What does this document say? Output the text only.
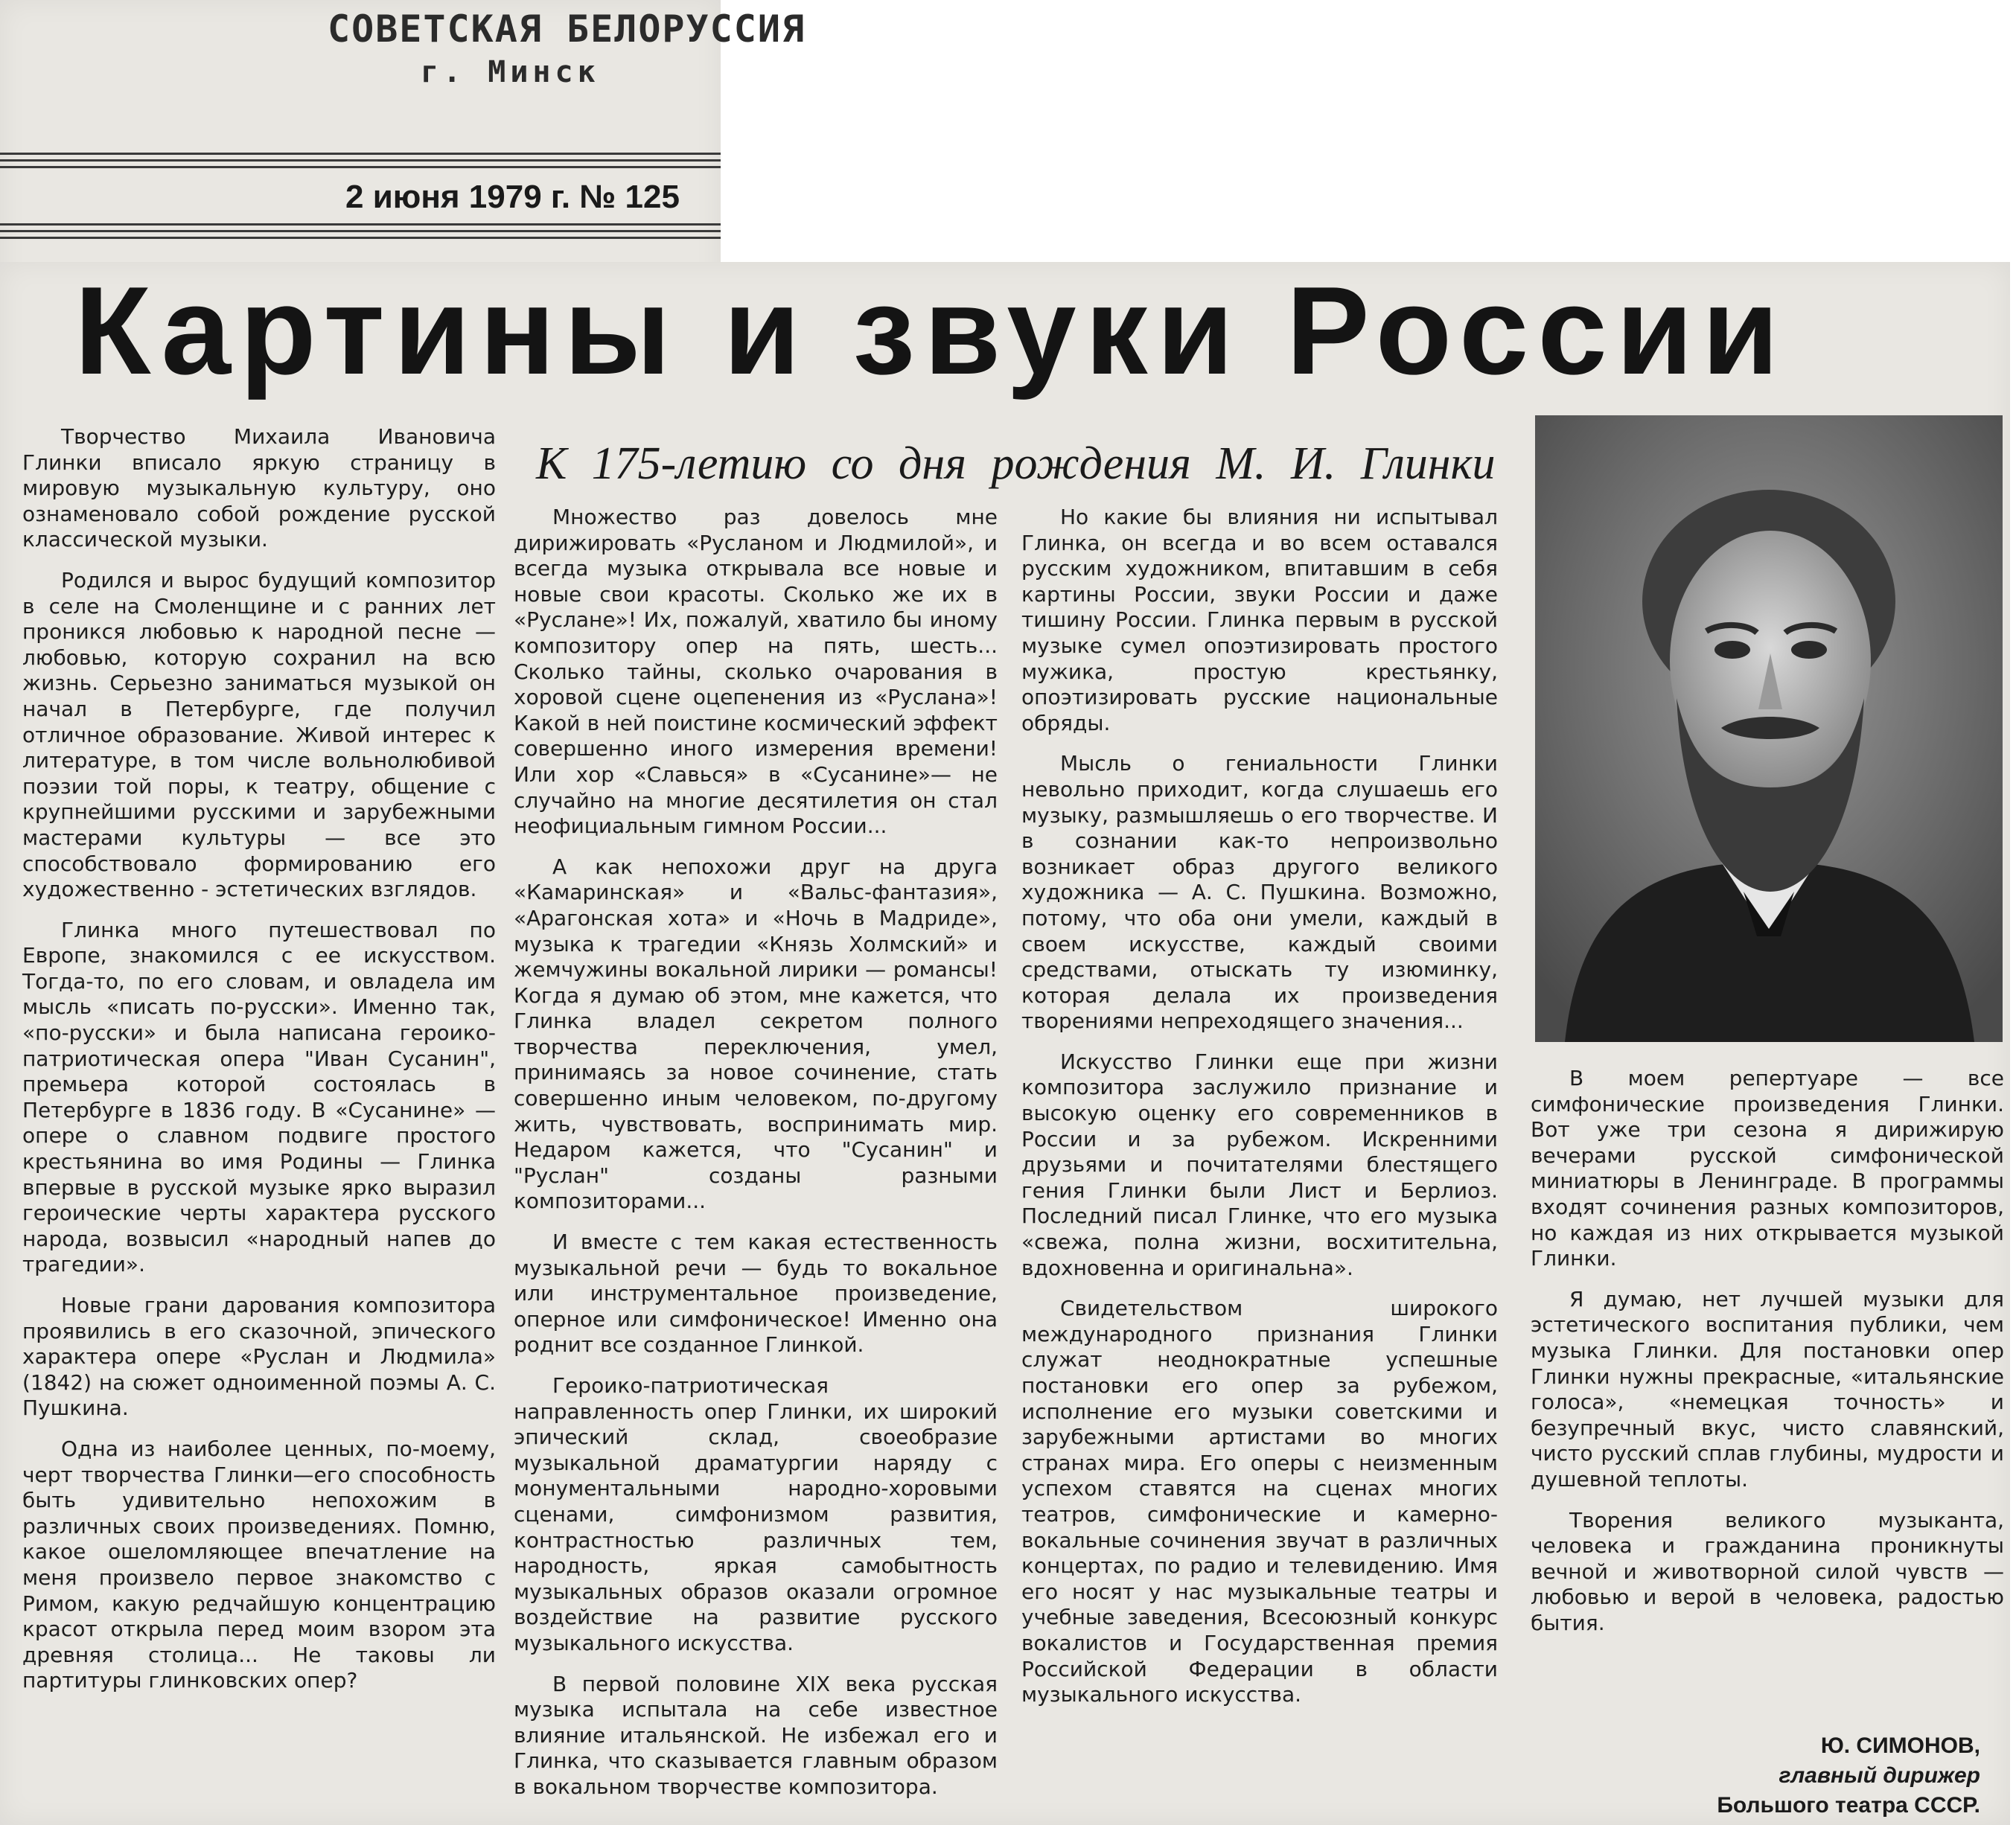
СОВЕТСКАЯ БЕЛОРУССИЯ
г. Минск
2 июня 1979 г. № 125
Картины и звуки России
К 175-летию со дня рождения М. И. Глинки

Творчество Михаила Ивановича Глинки вписало яркую страницу в мировую музыкальную культуру, оно ознаменовало собой рождение русской классической музыки.

Родился и вырос будущий композитор в селе на Смоленщине и с ранних лет проникся любовью к народной песне — любовью, которую сохранил на всю жизнь. Серьезно заниматься музыкой он начал в Петербурге, где получил отличное образование. Живой интерес к литературе, в том числе вольнолюбивой поэзии той поры, к театру, общение с крупнейшими русскими и зарубежными мастерами культуры — все это способствовало формированию его художественно - эстетических взглядов.

Глинка много путешествовал по Европе, знакомился с ее искусством. Тогда-то, по его словам, и овладела им мысль «писать по-русски». Именно так, «по-русски» и была написана героико-патриотическая опера "Иван Сусанин", премьера которой состоялась в Петербурге в 1836 году. В «Сусанине» — опере о славном подвиге простого крестьянина во имя Родины — Глинка впервые в русской музыке ярко выразил героические черты характера русского народа, возвысил «народный напев до трагедии».

Новые грани дарования композитора проявились в его сказочной, эпического характера опере «Руслан и Людмила» (1842) на сюжет одноименной поэмы А. С. Пушкина.

Одна из наиболее ценных, по-моему, черт творчества Глинки—его способность быть удивительно непохожим в различных своих произведениях. Помню, какое ошеломляющее впечатление на меня произвело первое знакомство с Римом, какую редчайшую концентрацию красот открыла перед моим взором эта древняя столица... Не таковы ли партитуры глинковских опер?

Множество раз довелось мне дирижировать «Русланом и Людмилой», и всегда музыка открывала все новые и новые свои красоты. Сколько же их в «Руслане»! Их, пожалуй, хватило бы иному композитору опер на пять, шесть... Сколько тайны, сколько очарования в хоровой сцене оцепенения из «Руслана»! Какой в ней поистине космический эффект совершенно иного измерения времени! Или хор «Славься» в «Сусанине»— не случайно на многие десятилетия он стал неофициальным гимном России...

А как непохожи друг на друга «Камаринская» и «Вальс-фантазия», «Арагонская хота» и «Ночь в Мадриде», музыка к трагедии «Князь Холмский» и жемчужины вокальной лирики — романсы! Когда я думаю об этом, мне кажется, что Глинка владел секретом полного творчества переключения, умел, принимаясь за новое сочинение, стать совершенно иным человеком, по-другому жить, чувствовать, воспринимать мир. Недаром кажется, что "Сусанин" и "Руслан" созданы разными композиторами...

И вместе с тем какая естественность музыкальной речи — будь то вокальное или инструментальное произведение, оперное или симфоническое! Именно она роднит все созданное Глинкой.

Героико-патриотическая направленность опер Глинки, их широкий эпический склад, своеобразие музыкальной драматургии наряду с монументальными народно-хоровыми сценами, симфонизмом развития, контрастностью различных тем, народность, яркая самобытность музыкальных образов оказали огромное воздействие на развитие русского музыкального искусства.

В первой половине XIX века русская музыка испытала на себе известное влияние итальянской. Не избежал его и Глинка, что сказывается главным образом в вокальном творчестве композитора.

Но какие бы влияния ни испытывал Глинка, он всегда и во всем оставался русским художником, впитавшим в себя картины России, звуки России и даже тишину России. Глинка первым в русской музыке сумел опоэтизировать простого мужика, простую крестьянку, опоэтизировать русские национальные обряды.

Мысль о гениальности Глинки невольно приходит, когда слушаешь его музыку, размышляешь о его творчестве. И в сознании как-то непроизвольно возникает образ другого великого художника — А. С. Пушкина. Возможно, потому, что оба они умели, каждый в своем искусстве, каждый своими средствами, отыскать ту изюминку, которая делала их произведения творениями непреходящего значения...

Искусство Глинки еще при жизни композитора заслужило признание и высокую оценку его современников в России и за рубежом. Искренними друзьями и почитателями блестящего гения Глинки были Лист и Берлиоз. Последний писал Глинке, что его музыка «свежа, полна жизни, восхитительна, вдохновенна и оригинальна».

Свидетельством широкого международного признания Глинки служат неоднократные успешные постановки его опер за рубежом, исполнение его музыки советскими и зарубежными артистами во многих странах мира. Его оперы с неизменным успехом ставятся на сценах многих театров, симфонические и камерно-вокальные сочинения звучат в различных концертах, по радио и телевидению. Имя его носят у нас музыкальные театры и учебные заведения, Всесоюзный конкурс вокалистов и Государственная премия Российской Федерации в области музыкального искусства.

В моем репертуаре — все симфонические произведения Глинки. Вот уже три сезона я дирижирую вечерами русской симфонической миниатюры в Ленинграде. В программы входят сочинения разных композиторов, но каждая из них открывается музыкой Глинки.

Я думаю, нет лучшей музыки для эстетического воспитания публики, чем музыка Глинки. Для постановки опер Глинки нужны прекрасные, «итальянские голоса», «немецкая точность» и безупречный вкус, чисто славянский, чисто русский сплав глубины, мудрости и душевной теплоты.

Творения великого музыканта, человека и гражданина проникнуты вечной и животворной силой чувств —любовью и верой в человека, радостью бытия.

Ю. СИМОНОВ,
главный дирижер
Большого театра СССР.
